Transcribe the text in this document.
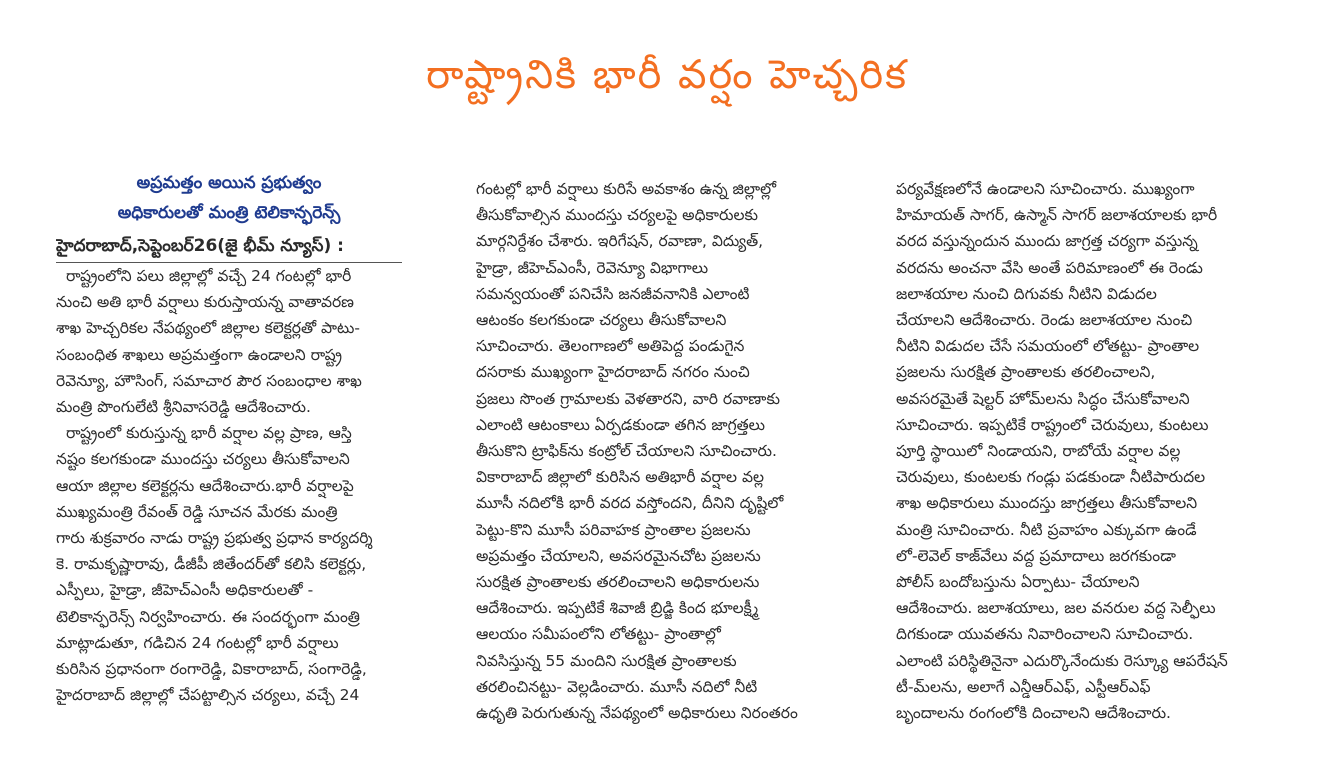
రాష్ట్రానికి భారీ వర్షం హెచ్చరిక
అప్రమత్తం అయిన ప్రభుత్వం
అధికారులతో మంత్రి టెలికాన్ఫరెన్స్
హైదరాబాద్,సెప్టెంబర్26(జై భీమ్ న్యూస్) :
రాష్ట్రంలోని పలు జిల్లాల్లో వచ్చే 24 గంటల్లో భారీ
నుంచి అతి భారీ వర్షాలు కురుస్తాయన్న వాతావరణ
శాఖ హెచ్చరికల నేపథ్యంలో జిల్లాల కలెక్టర్లతో పాటు-
సంబంధిత శాఖలు అప్రమత్తంగా ఉండాలని రాష్ట్ర
రెవెన్యూ, హౌసింగ్, సమాచార పౌర సంబంధాల శాఖ
మంత్రి పొంగులేటి శ్రీనివాసరెడ్డి ఆదేశించారు.
రాష్ట్రంలో కురుస్తున్న భారీ వర్షాల వల్ల ప్రాణ, ఆస్తి
నష్టం కలగకుండా ముందస్తు చర్యలు తీసుకోవాలని
ఆయా జిల్లాల కలెక్టర్లను ఆదేశించారు.భారీ వర్షాలపై
ముఖ్యమంత్రి రేవంత్ రెడ్డి సూచన మేరకు మంత్రి
గారు శుక్రవారం నాడు రాష్ట్ర ప్రభుత్వ ప్రధాన కార్యదర్శి
కె. రామకృష్ణారావు, డీజీపీ జితేందర్‌తో కలిసి కలెక్టర్లు,
ఎస్పీలు, హైడ్రా, జీహెచ్ఎంసీ అధికారులతో -
టెలికాన్ఫరెన్స్ నిర్వహించారు. ఈ సందర్భంగా మంత్రి
మాట్లాడుతూ, గడిచిన 24 గంటల్లో భారీ వర్షాలు
కురిసిన ప్రధానంగా రంగారెడ్డి, వికారాబాద్, సంగారెడ్డి,
హైదరాబాద్ జిల్లాల్లో చేపట్టాల్సిన చర్యలు, వచ్చే 24
గంటల్లో భారీ వర్షాలు కురిసే అవకాశం ఉన్న జిల్లాల్లో
తీసుకోవాల్సిన ముందస్తు చర్యలపై అధికారులకు
మార్గనిర్దేశం చేశారు. ఇరిగేషన్, రవాణా, విద్యుత్,
హైడ్రా, జీహెచ్ఎంసీ, రెవెన్యూ విభాగాలు
సమన్వయంతో పనిచేసి జనజీవనానికి ఎలాంటి
ఆటంకం కలగకుండా చర్యలు తీసుకోవాలని
సూచించారు. తెలంగాణలో అతిపెద్ద పండుగైన
దసరాకు ముఖ్యంగా హైదరాబాద్ నగరం నుంచి
ప్రజలు సొంత గ్రామాలకు వెళతారని, వారి రవాణాకు
ఎలాంటి ఆటంకాలు ఏర్పడకుండా తగిన జాగ్రత్తలు
తీసుకొని ట్రాఫిక్‌ను కంట్రోల్ చేయాలని సూచించారు.
వికారాబాద్ జిల్లాలో కురిసిన అతిభారీ వర్షాల వల్ల
మూసీ నదిలోకి భారీ వరద వస్తోందని, దీనిని దృష్టిలో
పెట్టు-కొని మూసీ పరివాహక ప్రాంతాల ప్రజలను
అప్రమత్తం చేయాలని, అవసరమైనచోట ప్రజలను
సురక్షిత ప్రాంతాలకు తరలించాలని అధికారులను
ఆదేశించారు. ఇప్పటికే శివాజీ బ్రిడ్జి కింద భూలక్ష్మీ
ఆలయం సమీపంలోని లోతట్టు- ప్రాంతాల్లో
నివసిస్తున్న 55 మందిని సురక్షిత ప్రాంతాలకు
తరలించినట్టు- వెల్లడించారు. మూసీ నదిలో నీటి
ఉధృతి పెరుగుతున్న నేపథ్యంలో అధికారులు నిరంతరం
పర్యవేక్షణలోనే ఉండాలని సూచించారు. ముఖ్యంగా
హిమాయత్ సాగర్, ఉస్మాన్ సాగర్ జలాశయాలకు భారీ
వరద వస్తున్నందున ముందు జాగ్రత్త చర్యగా వస్తున్న
వరదను అంచనా వేసి అంతే పరిమాణంలో ఈ రెండు
జలాశయాల నుంచి దిగువకు నీటిని విడుదల
చేయాలని ఆదేశించారు. రెండు జలాశయాల నుంచి
నీటిని విడుదల చేసే సమయంలో లోతట్టు- ప్రాంతాల
ప్రజలను సురక్షిత ప్రాంతాలకు తరలించాలని,
అవసరమైతే షెల్టర్ హోమ్‌లను సిద్ధం చేసుకోవాలని
సూచించారు. ఇప్పటికే రాష్ట్రంలో చెరువులు, కుంటలు
పూర్తి స్థాయిలో నిండాయని, రాబోయే వర్షాల వల్ల
చెరువులు, కుంటలకు గండ్లు పడకుండా నీటిపారుదల
శాఖ అధికారులు ముందస్తు జాగ్రత్తలు తీసుకోవాలని
మంత్రి సూచించారు. నీటి ప్రవాహం ఎక్కువగా ఉండే
లో-లెవెల్ కాజ్‌వేలు వద్ద ప్రమాదాలు జరగకుండా
పోలీస్ బందోబస్తును ఏర్పాటు- చేయాలని
ఆదేశించారు. జలాశయాలు, జల వనరుల వద్ద సెల్ఫీలు
దిగకుండా యువతను నివారించాలని సూచించారు.
ఎలాంటి పరిస్థితినైనా ఎదుర్కొనేందుకు రెస్క్యూ ఆపరేషన్
టీ-మ్‌లను, అలాగే ఎన్డీఆర్ఎఫ్, ఎస్టీఆర్ఎఫ్
బృందాలను రంగంలోకి దించాలని ఆదేశించారు.
